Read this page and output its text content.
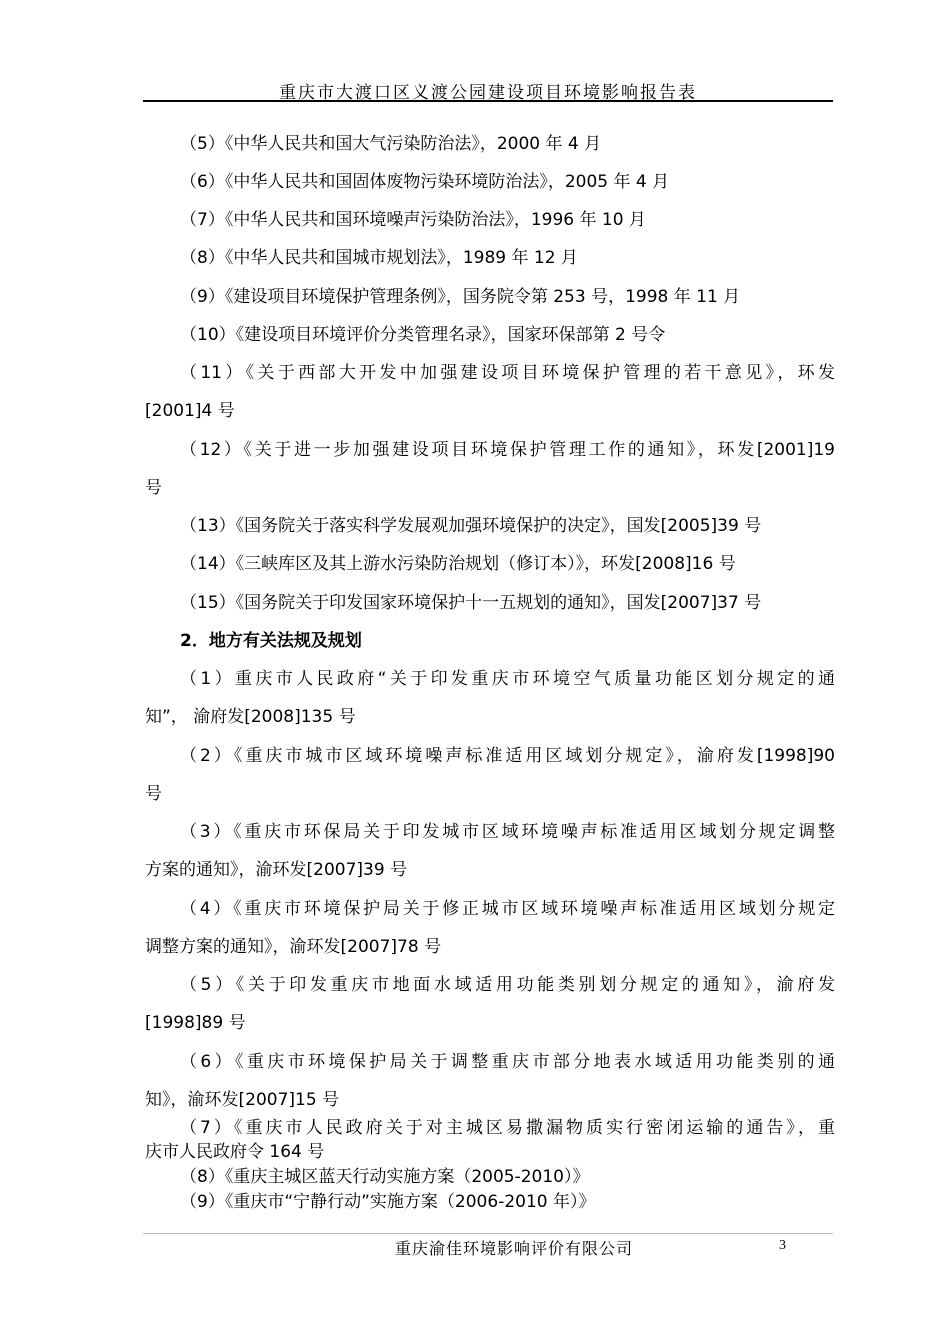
重庆市大渡口区义渡公园建设项目环境影响报告表
（5）《中华人民共和国大气污染防治法》，2000 年 4 月
（6）《中华人民共和国固体废物污染环境防治法》，2005 年 4 月
（7）《中华人民共和国环境噪声污染防治法》，1996 年 10 月
（8）《中华人民共和国城市规划法》，1989 年 12 月
（9）《建设项目环境保护管理条例》，国务院令第 253 号，1998 年 11 月
（10）《建设项目环境评价分类管理名录》，国家环保部第 2 号令
（11）《关于西部大开发中加强建设项目环境保护管理的若干意见》，环发
[2001]4 号
（12）《关于进一步加强建设项目环境保护管理工作的通知》，环发[2001]19
号
（13）《国务院关于落实科学发展观加强环境保护的决定》，国发[2005]39 号
（14）《三峡库区及其上游水污染防治规划（修订本）》，环发[2008]16 号
（15）《国务院关于印发国家环境保护十一五规划的通知》，国发[2007]37 号
2．地方有关法规及规划
（1）重庆市人民政府“关于印发重庆市环境空气质量功能区划分规定的通
知”， 渝府发[2008]135 号
（2）《重庆市城市区域环境噪声标准适用区域划分规定》，渝府发[1998]90
号
（3）《重庆市环保局关于印发城市区域环境噪声标准适用区域划分规定调整
方案的通知》，渝环发[2007]39 号
（4）《重庆市环境保护局关于修正城市区域环境噪声标准适用区域划分规定
调整方案的通知》，渝环发[2007]78 号
（5）《关于印发重庆市地面水域适用功能类别划分规定的通知》，渝府发
[1998]89 号
（6）《重庆市环境保护局关于调整重庆市部分地表水域适用功能类别的通
知》，渝环发[2007]15 号
（7）《重庆市人民政府关于对主城区易撒漏物质实行密闭运输的通告》，重
庆市人民政府令 164 号
（8）《重庆主城区蓝天行动实施方案（2005-2010）》
（9）《重庆市“宁静行动”实施方案（2006-2010 年）》
重庆渝佳环境影响评价有限公司	3
